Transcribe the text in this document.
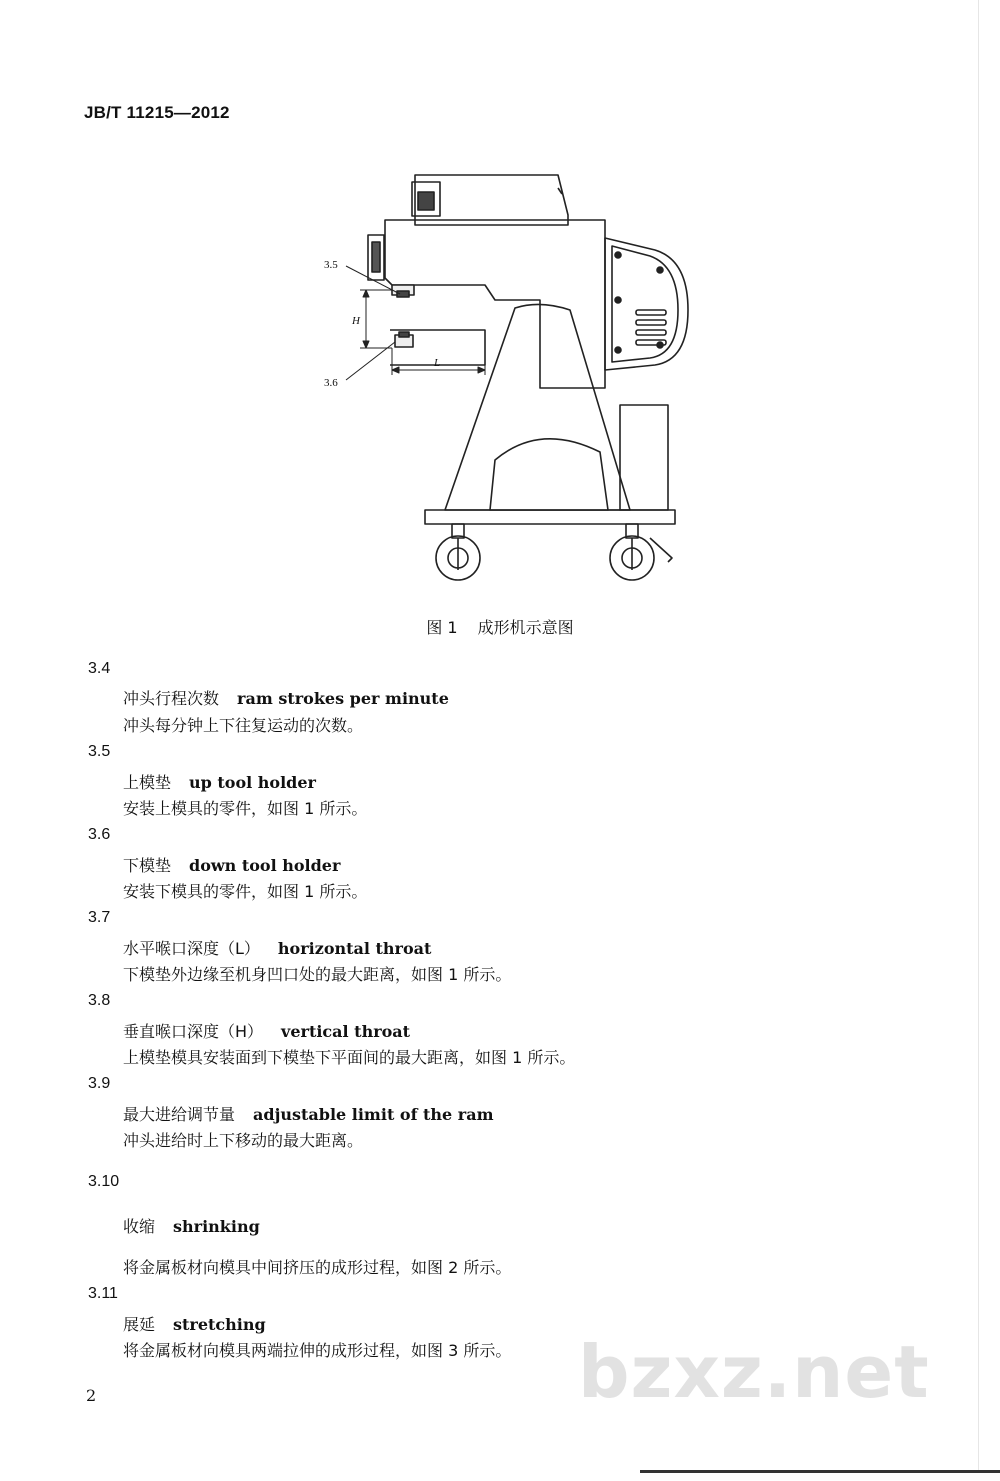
JB/T 11215—2012
3.5
3.6
H
L
图 1 成形机示意图
3.4
冲头行程次数 ram strokes per minute
冲头每分钟上下往复运动的次数。
3.5
上模垫 up tool holder
安装上模具的零件，如图 1 所示。
3.6
下模垫 down tool holder
安装下模具的零件，如图 1 所示。
3.7
水平喉口深度（L） horizontal throat
下模垫外边缘至机身凹口处的最大距离，如图 1 所示。
3.8
垂直喉口深度（H） vertical throat
上模垫模具安装面到下模垫下平面间的最大距离，如图 1 所示。
3.9
最大进给调节量 adjustable limit of the ram
冲头进给时上下移动的最大距离。
3.10
收缩 shrinking
将金属板材向模具中间挤压的成形过程，如图 2 所示。
3.11
展延 stretching
将金属板材向模具两端拉伸的成形过程，如图 3 所示。
2	bzxz.net
